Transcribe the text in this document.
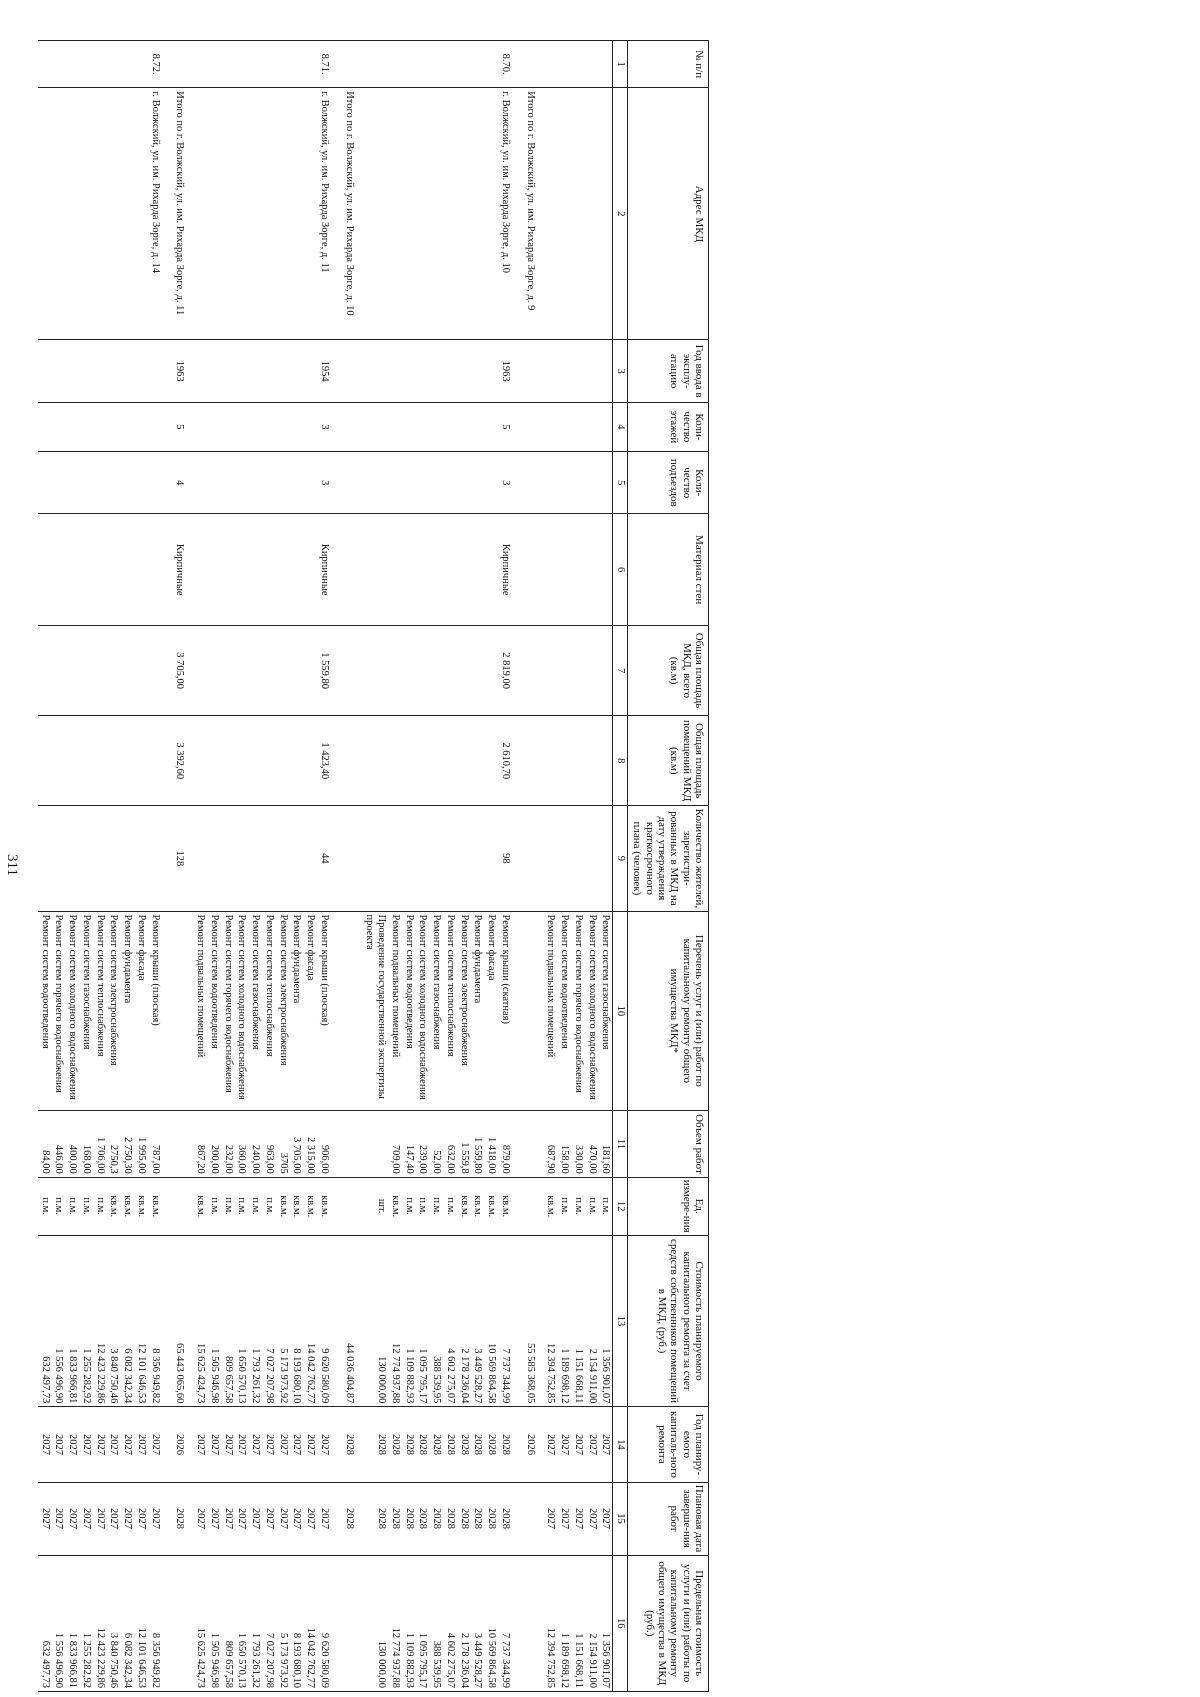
311
№ п/п	Адрес МКД	Год ввода в эксплу-атацию	Коли-чество этажей	Коли-чество подъездов	Материал стен	Общая площадь МКД, всего (кв.м)	Общая площадь помещений МКД (кв.м)	Количество жителей, зарегистри-рованных в МКД на дату утверждения краткосрочного плана (человек)	Перечень услуг и (или) работ по капитальному ремонту общего имущества МКД*	Объем работ	Ед. измере-ния	Стоимость планируемого капитального ремонта за счет средств собственников помещений в МКД, (руб.)	Год планиру-емого капиталь-ного ремонта	Плановая дата заверше-ния работ	Предельная стоимость услуги и (или) работы по капитальному ремонту общего имущества в МКД (руб.)
1	2	3	4	5	6	7	8	9	10	11	12	13	14	15	16
									Ремонт систем газоснабжения	181,60	п.м.	1 356 901,07	2027	2027	1 356 901,07
									Ремонт систем холодного водоснабжения	470,00	п.м.	2 154 911,00	2027	2027	2 154 911,00
									Ремонт систем горячего водоснабжения	330,00	п.м.	1 151 668,11	2027	2027	1 151 668,11
									Ремонт систем водоотведения	158,00	п.м.	1 189 698,12	2027	2027	1 189 698,12
									Ремонт подвальных помещений	687,90	кв.м.	12 394 752,85	2027	2027	12 394 752,85
	Итого по г. Волжский, ул. им. Рихарда Зорге, д. 9											55 585 368,05	2026		
8.70.	г. Волжский, ул. им. Рихарда Зорге, д. 10	1963	5	3	Кирпичные	2 819,00	2 610,70	98	Ремонт крыши (скатная)	879,00	кв.м.	7 737 344,99	2028	2028	7 737 344,99
									Ремонт фасада	1 418,00	кв.м.	10 569 864,58	2028	2028	10 569 864,58
									Ремонт фундамента	1 559,80	кв.м.	3 449 528,27	2028	2028	3 449 528,27
									Ремонт систем электроснабжения	1 559,8	кв.м.	2 178 236,04	2028	2028	2 178 236,04
									Ремонт систем теплоснабжения	632,00	п.м.	4 602 275,07	2028	2028	4 602 275,07
									Ремонт систем газоснабжения	52,00	п.м.	388 539,95	2028	2028	388 539,95
									Ремонт систем холодного водоснабжения	239,00	п.м.	1 095 795,17	2028	2028	1 095 795,17
									Ремонт систем водоотведения	147,40	п.м.	1 109 882,93	2028	2028	1 109 882,93
									Ремонт подвальных помещений	709,00	кв.м.	12 774 937,88	2028	2028	12 774 937,88
									Проведение государственной экспертизы проекта		шт.	130 000,00	2028	2028	130 000,00
	Итого по г. Волжский, ул. им. Рихарда Зорге, д. 10											44 036 404,87	2028	2028	
8.71.	г. Волжский, ул. им. Рихарда Зорге, д. 11	1954	3	3	Кирпичные	1 559,80	1 423,40	44	Ремонт крыши (плоская)	906,00	кв.м.	9 620 580,09	2027	2027	9 620 580,09
									Ремонт фасада	2 315,00	кв.м.	14 042 762,77	2027	2027	14 042 762,77
									Ремонт фундамента	3 705,00	кв.м.	8 193 680,10	2027	2027	8 193 680,10
									Ремонт систем электроснабжения	3705	кв.м.	5 173 973,92	2027	2027	5 173 973,92
									Ремонт систем теплоснабжения	963,00	п.м.	7 027 207,98	2027	2027	7 027 207,98
									Ремонт систем газоснабжения	240,00	п.м.	1 793 261,32	2027	2027	1 793 261,32
									Ремонт систем холодного водоснабжения	360,00	п.м.	1 650 570,13	2027	2027	1 650 570,13
									Ремонт систем горячего водоснабжения	232,00	п.м.	809 657,58	2027	2027	809 657,58
									Ремонт систем водоотведения	200,00	п.м.	1 505 946,98	2027	2027	1 505 946,98
									Ремонт подвальных помещений	867,20	кв.м.	15 625 424,73	2027	2027	15 625 424,73
	Итого по г. Волжский, ул. им. Рихарда Зорге, д. 11	1963	5	4	Кирпичные	3 705,00	3 392,60	128				65 443 065,60	2026	2028	
8.72.	г. Волжский, ул. им. Рихарда Зорге, д. 14								Ремонт крыши (плоская)	787,00	кв.м.	8 356 949,82	2027	2027	8 356 949,82
									Ремонт фасада	1 995,00	кв.м.	12 101 646,53	2027	2027	12 101 646,53
									Ремонт фундамента	2 750,30	кв.м.	6 082 342,34	2027	2027	6 082 342,34
									Ремонт систем электроснабжения	2750,3	кв.м.	3 840 750,46	2027	2027	3 840 750,46
									Ремонт систем теплоснабжения	1 706,00	п.м.	12 423 229,86	2027	2027	12 423 229,86
									Ремонт систем газоснабжения	168,00	п.м.	1 255 282,92	2027	2027	1 255 282,92
									Ремонт систем холодного водоснабжения	400,00	п.м.	1 833 966,81	2027	2027	1 833 966,81
									Ремонт систем горячего водоснабжения	446,00	п.м.	1 556 496,90	2027	2027	1 556 496,90
									Ремонт систем водоотведения	84,00	п.м.	632 497,73	2027	2027	632 497,73
